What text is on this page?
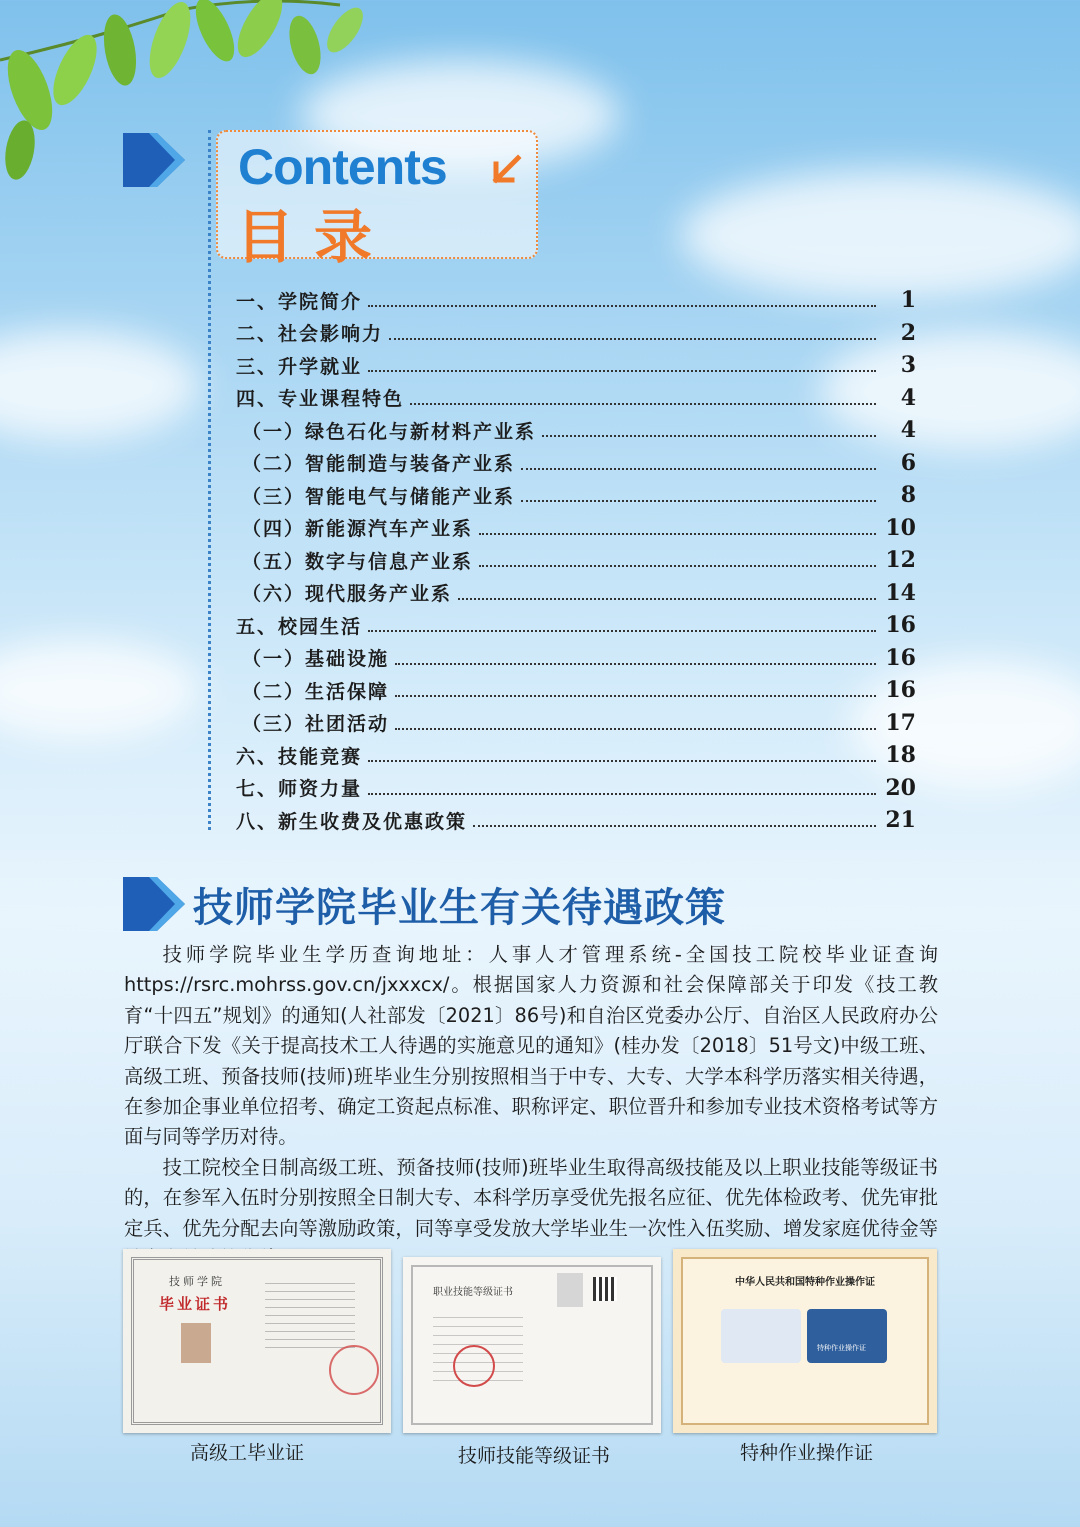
Contents
目录
一、学院简介	1
二、社会影响力	2
三、升学就业	3
四、专业课程特色	4
（一）绿色石化与新材料产业系	4
（二）智能制造与装备产业系	6
（三）智能电气与储能产业系	8
（四）新能源汽车产业系	10
（五）数字与信息产业系	12
（六）现代服务产业系	14
五、校园生活	16
（一）基础设施	16
（二）生活保障	16
（三）社团活动	17
六、技能竞赛	18
七、师资力量	20
八、新生收费及优惠政策	21
技师学院毕业生有关待遇政策

技师学院毕业生学历查询地址：人事人才管理系统-全国技工院校毕业证查询 https://rsrc.mohrss.gov.cn/jxxxcx/。根据国家人力资源和社会保障部关于印发《技工教育“十四五”规划》的通知(人社部发〔2021〕86号)和自治区党委办公厅、自治区人民政府办公厅联合下发《关于提高技术工人待遇的实施意见的通知》(桂办发〔2018〕51号文)中级工班、高级工班、预备技师(技师)班毕业生分别按照相当于中专、大专、大学本科学历落实相关待遇，在参加企事业单位招考、确定工资起点标准、职称评定、职位晋升和参加专业技术资格考试等方面与同等学历对待。

技工院校全日制高级工班、预备技师(技师)班毕业生取得高级技能及以上职业技能等级证书的，在参军入伍时分别按照全日制大专、本科学历享受优先报名应征、优先体检政考、优先审批定兵、优先分配去向等激励政策，同等享受发放大学毕业生一次性入伍奖励、增发家庭优待金等

技师学院
毕业证书
高级工毕业证
职业技能等级证书
技师技能等级证书
中华人民共和国特种作业操作证
特种作业操作证
特种作业操作证
